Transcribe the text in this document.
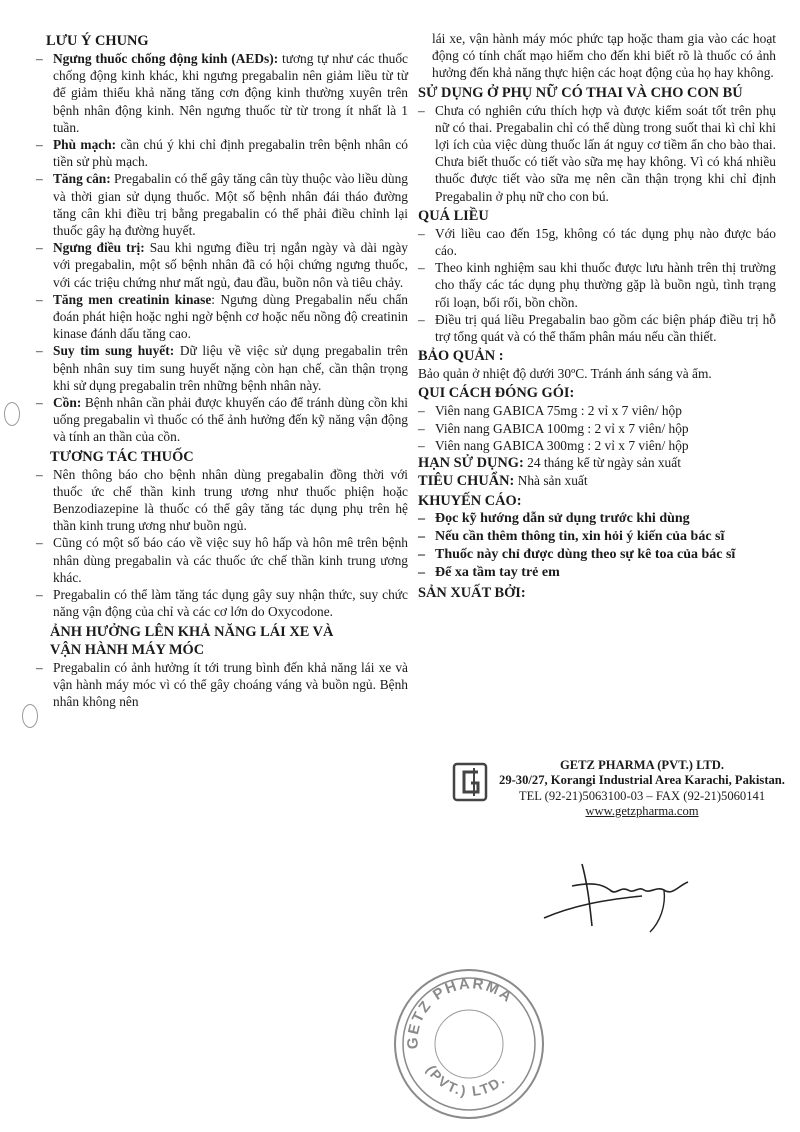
LƯU Ý CHUNG

– Ngưng thuốc chống động kinh (AEDs): tương tự như các thuốc chống động kinh khác, khi ngưng pregabalin nên giảm liều từ từ để giảm thiểu khả năng tăng cơn động kinh thường xuyên trên bệnh nhân động kinh. Nên ngưng thuốc từ từ trong ít nhất là 1 tuần.

– Phù mạch: cần chú ý khi chỉ định pregabalin trên bệnh nhân có tiền sử phù mạch.

– Tăng cân: Pregabalin có thể gây tăng cân tùy thuộc vào liều dùng và thời gian sử dụng thuốc. Một số bệnh nhân đái tháo đường tăng cân khi điều trị bằng pregabalin có thể phải điều chỉnh lại thuốc gây hạ đường huyết.

– Ngưng điều trị: Sau khi ngưng điều trị ngắn ngày và dài ngày với pregabalin, một số bệnh nhân đã có hội chứng ngưng thuốc, với các triệu chứng như mất ngủ, đau đầu, buồn nôn và tiêu chảy.

– Tăng men creatinin kinase: Ngưng dùng Pregabalin nếu chẩn đoán phát hiện hoặc nghi ngờ bệnh cơ hoặc nếu nồng độ creatinin kinase đánh dấu tăng cao.

– Suy tim sung huyết: Dữ liệu về việc sử dụng pregabalin trên bệnh nhân suy tim sung huyết nặng còn hạn chế, cần thận trọng khi sử dụng pregabalin trên những bệnh nhân này.

– Cồn: Bệnh nhân cần phải được khuyến cáo để tránh dùng cồn khi uống pregabalin vì thuốc có thể ảnh hưởng đến kỹ năng vận động và tính an thần của cồn.

TƯƠNG TÁC THUỐC

– Nên thông báo cho bệnh nhân dùng pregabalin đồng thời với thuốc ức chế thần kinh trung ương như thuốc phiện hoặc Benzodiazepine là thuốc có thể gây tăng tác dụng phụ trên hệ thần kinh trung ương như buồn ngủ.

– Cũng có một số báo cáo về việc suy hô hấp và hôn mê trên bệnh nhân dùng pregabalin và các thuốc ức chế thần kinh trung ương khác.

– Pregabalin có thể làm tăng tác dụng gây suy nhận thức, suy chức năng vận động của chỉ và các cơ lớn do Oxycodone.

ẢNH HƯỞNG LÊN KHẢ NĂNG LÁI XE VÀ

VẬN HÀNH MÁY MÓC

– Pregabalin có ảnh hưởng ít tới trung bình đến khả năng lái xe và vận hành máy móc vì có thể gây choáng váng và buồn ngủ. Bệnh nhân không nên

lái xe, vận hành máy móc phức tạp hoặc tham gia vào các hoạt động có tính chất mạo hiểm cho đến khi biết rõ là thuốc có ảnh hưởng đến khả năng thực hiện các hoạt động của họ hay không.

SỬ DỤNG Ở PHỤ NỮ CÓ THAI VÀ CHO CON BÚ

– Chưa có nghiên cứu thích hợp và được kiểm soát tốt trên phụ nữ có thai. Pregabalin chỉ có thể dùng trong suốt thai kì chỉ khi lợi ích của việc dùng thuốc lấn át nguy cơ tiềm ẩn cho bào thai. Chưa biết thuốc có tiết vào sữa mẹ hay không. Vì có khá nhiều thuốc được tiết vào sữa mẹ nên cần thận trọng khi chỉ định Pregabalin ở phụ nữ cho con bú.

QUÁ LIỀU

– Với liều cao đến 15g, không có tác dụng phụ nào được báo cáo.

– Theo kinh nghiệm sau khi thuốc được lưu hành trên thị trường cho thấy các tác dụng phụ thường gặp là buồn ngủ, tình trạng rối loạn, bối rối, bồn chồn.

– Điều trị quá liều Pregabalin bao gồm các biện pháp điều trị hỗ trợ tổng quát và có thể thẩm phân máu nếu cần thiết.

BẢO QUẢN :

Bảo quản ở nhiệt độ dưới 30ºC. Tránh ánh sáng và ẩm.

QUI CÁCH ĐÓNG GÓI:

– Viên nang GABICA 75mg : 2 vỉ x 7 viên/ hộp

– Viên nang GABICA 100mg : 2 vỉ x 7 viên/ hộp

– Viên nang GABICA 300mg : 2 vỉ x 7 viên/ hộp

HẠN SỬ DỤNG: 24 tháng kể từ ngày sản xuất

TIÊU CHUẨN: Nhà sản xuất

KHUYẾN CÁO:

– Đọc kỹ hướng dẫn sử dụng trước khi dùng

– Nếu cần thêm thông tin, xin hỏi ý kiến của bác sĩ

– Thuốc này chỉ được dùng theo sự kê toa của bác sĩ

– Để xa tầm tay trẻ em

SẢN XUẤT BỞI:

GETZ PHARMA (PVT.) LTD.
29-30/27, Korangi Industrial Area Karachi, Pakistan.
TEL (92-21)5063100-03 – FAX (92-21)5060141
www.getzpharma.com
GETZ PHARMA
(PVT.) LTD.
